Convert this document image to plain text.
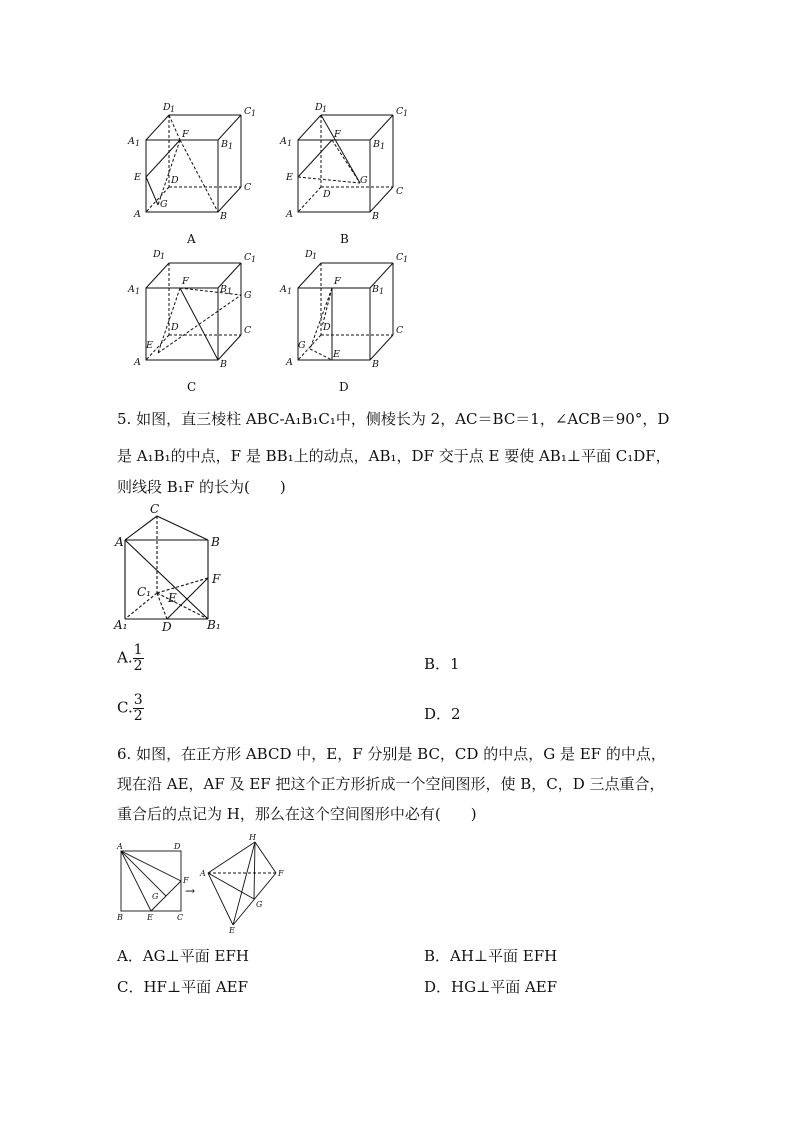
D 1	C 1
A 1	B 1
F
E	D
C
G
A	B
A
D 1	C 1
A 1	B 1
F
E	G
C
D
A	B
B
D 1	C 1
A 1	B 1
F
G
D	C
E
A	B
C
D 1	C 1
A 1	B 1
F
D	C
G
E
A	B
D
5. 如图，直三棱柱 ABC-A₁B₁C₁中，侧棱长为 2，AC＝BC＝1，∠ACB＝90°，D
是 A₁B₁的中点，F 是 BB₁上的动点，AB₁，DF 交于点 E 要使 AB₁⊥平面 C₁DF，
则线段 B₁F 的长为(　　)
C
A	B
F
C₁ E
A₁	D	B₁
A. $\frac{1}{2}$	B．1
C. $\frac{3}{2}$	D．2
6. 如图，在正方形 ABCD 中，E，F 分别是 BC，CD 的中点，G 是 EF 的中点，
现在沿 AE，AF 及 EF 把这个正方形折成一个空间图形，使 B，C，D 三点重合，
重合后的点记为 H，那么在这个空间图形中必有(　　)
A	D
F
G
B	E	C
→
H
A	F
G
E
A．AG⊥平面 EFH	B．AH⊥平面 EFH
C．HF⊥平面 AEF	D．HG⊥平面 AEF
